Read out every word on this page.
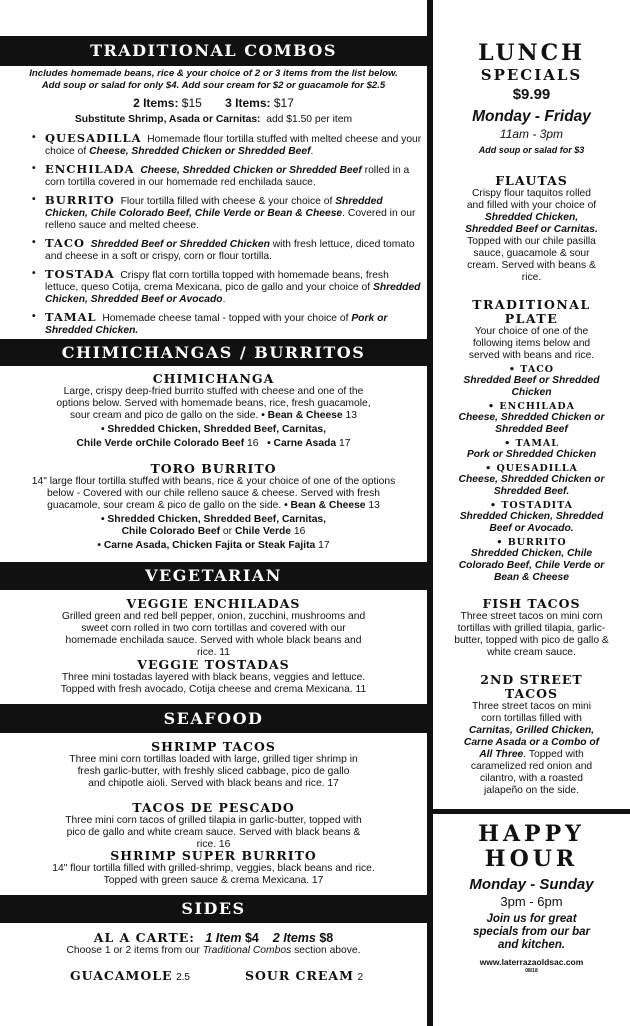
TRADITIONAL COMBOS

Includes homemade beans, rice & your choice of 2 or 3 items from the list below.

Add soup or salad for only $4. Add sour cream for $2 or guacamole for $2.5

2 Items: $15 3 Items: $17

Substitute Shrimp, Asada or Carnitas: add $1.50 per item

• QUESADILLA Homemade flour tortilla stuffed with melted cheese and your choice of Cheese, Shredded Chicken or Shredded Beef.
• ENCHILADA Cheese, Shredded Chicken or Shredded Beef rolled in a corn tortilla covered in our homemade red enchilada sauce.
• BURRITO Flour tortilla filled with cheese & your choice of Shredded Chicken, Chile Colorado Beef, Chile Verde or Bean & Cheese. Covered in our relleno sauce and melted cheese.
• TACO Shredded Beef or Shredded Chicken with fresh lettuce, diced tomato and cheese in a soft or crispy, corn or flour tortilla.
• TOSTADA Crispy flat corn tortilla topped with homemade beans, fresh lettuce, queso Cotija, crema Mexicana, pico de gallo and your choice of Shredded Chicken, Shredded Beef or Avocado.
• TAMAL Homemade cheese tamal - topped with your choice of Pork or Shredded Chicken.
CHIMICHANGAS / BURRITOS

CHIMICHANGA

Large, crispy deep-fried burrito stuffed with cheese and one of the options below. Served with homemade beans, rice, fresh guacamole, sour cream and pico de gallo on the side. • Bean & Cheese 13

• Shredded Chicken, Shredded Beef, Carnitas,

Chile Verde orChile Colorado Beef 16 • Carne Asada 17

TORO BURRITO

14" large flour tortilla stuffed with beans, rice & your choice of one of the options below - Covered with our chile relleno sauce & cheese. Served with fresh guacamole, sour cream & pico de gallo on the side. • Bean & Cheese 13

• Shredded Chicken, Shredded Beef, Carnitas,

Chile Colorado Beef or Chile Verde 16

• Carne Asada, Chicken Fajita or Steak Fajita 17

VEGETARIAN

VEGGIE ENCHILADAS

Grilled green and red bell pepper, onion, zucchini, mushrooms and sweet corn rolled in two corn tortillas and covered with our homemade enchilada sauce. Served with whole black beans and rice. 11

VEGGIE TOSTADAS

Three mini tostadas layered with black beans, veggies and lettuce. Topped with fresh avocado, Cotija cheese and crema Mexicana. 11

SEAFOOD

SHRIMP TACOS

Three mini corn tortillas loaded with large, grilled tiger shrimp in fresh garlic-butter, with freshly sliced cabbage, pico de gallo and chipotle aioli. Served with black beans and rice. 17

TACOS DE PESCADO

Three mini corn tacos of grilled tilapia in garlic-butter, topped with pico de gallo and white cream sauce. Served with black beans & rice. 16

SHRIMP SUPER BURRITO

14" flour tortilla filled with grilled-shrimp, veggies, black beans and rice. Topped with green sauce & crema Mexicana. 17

SIDES

AL A CARTE: 1 Item $4 2 Items $8

Choose 1 or 2 items from our Traditional Combos section above.

GUACAMOLE 2.5	SOUR CREAM 2

LUNCH

SPECIALS

$9.99

Monday - Friday

11am - 3pm

Add soup or salad for $3

FLAUTAS

Crispy flour taquitos rolled and filled with your choice of Shredded Chicken, Shredded Beef or Carnitas. Topped with our chile pasilla sauce, guacamole & sour cream. Served with beans & rice.

TRADITIONAL PLATE

Your choice of one of the following items below and served with beans and rice.

• TACO

Shredded Beef or Shredded Chicken

• ENCHILADA

Cheese, Shredded Chicken or Shredded Beef

• TAMAL

Pork or Shredded Chicken

• QUESADILLA

Cheese, Shredded Chicken or Shredded Beef.

• TOSTADITA

Shredded Chicken, Shredded Beef or Avocado.

• BURRITO

Shredded Chicken, Chile Colorado Beef, Chile Verde or Bean & Cheese

FISH TACOS

Three street tacos on mini corn tortillas with grilled tilapia, garlic-butter, topped with pico de gallo & white cream sauce.

2ND STREET TACOS

Three street tacos on mini corn tortillas filled with Carnitas, Grilled Chicken, Carne Asada or a Combo of All Three. Topped with caramelized red onion and cilantro, with a roasted jalapeño on the side.

HAPPY

HOUR

Monday - Sunday

3pm - 6pm

Join us for great specials from our bar and kitchen.

www.laterrazaoldsac.com

08/18
